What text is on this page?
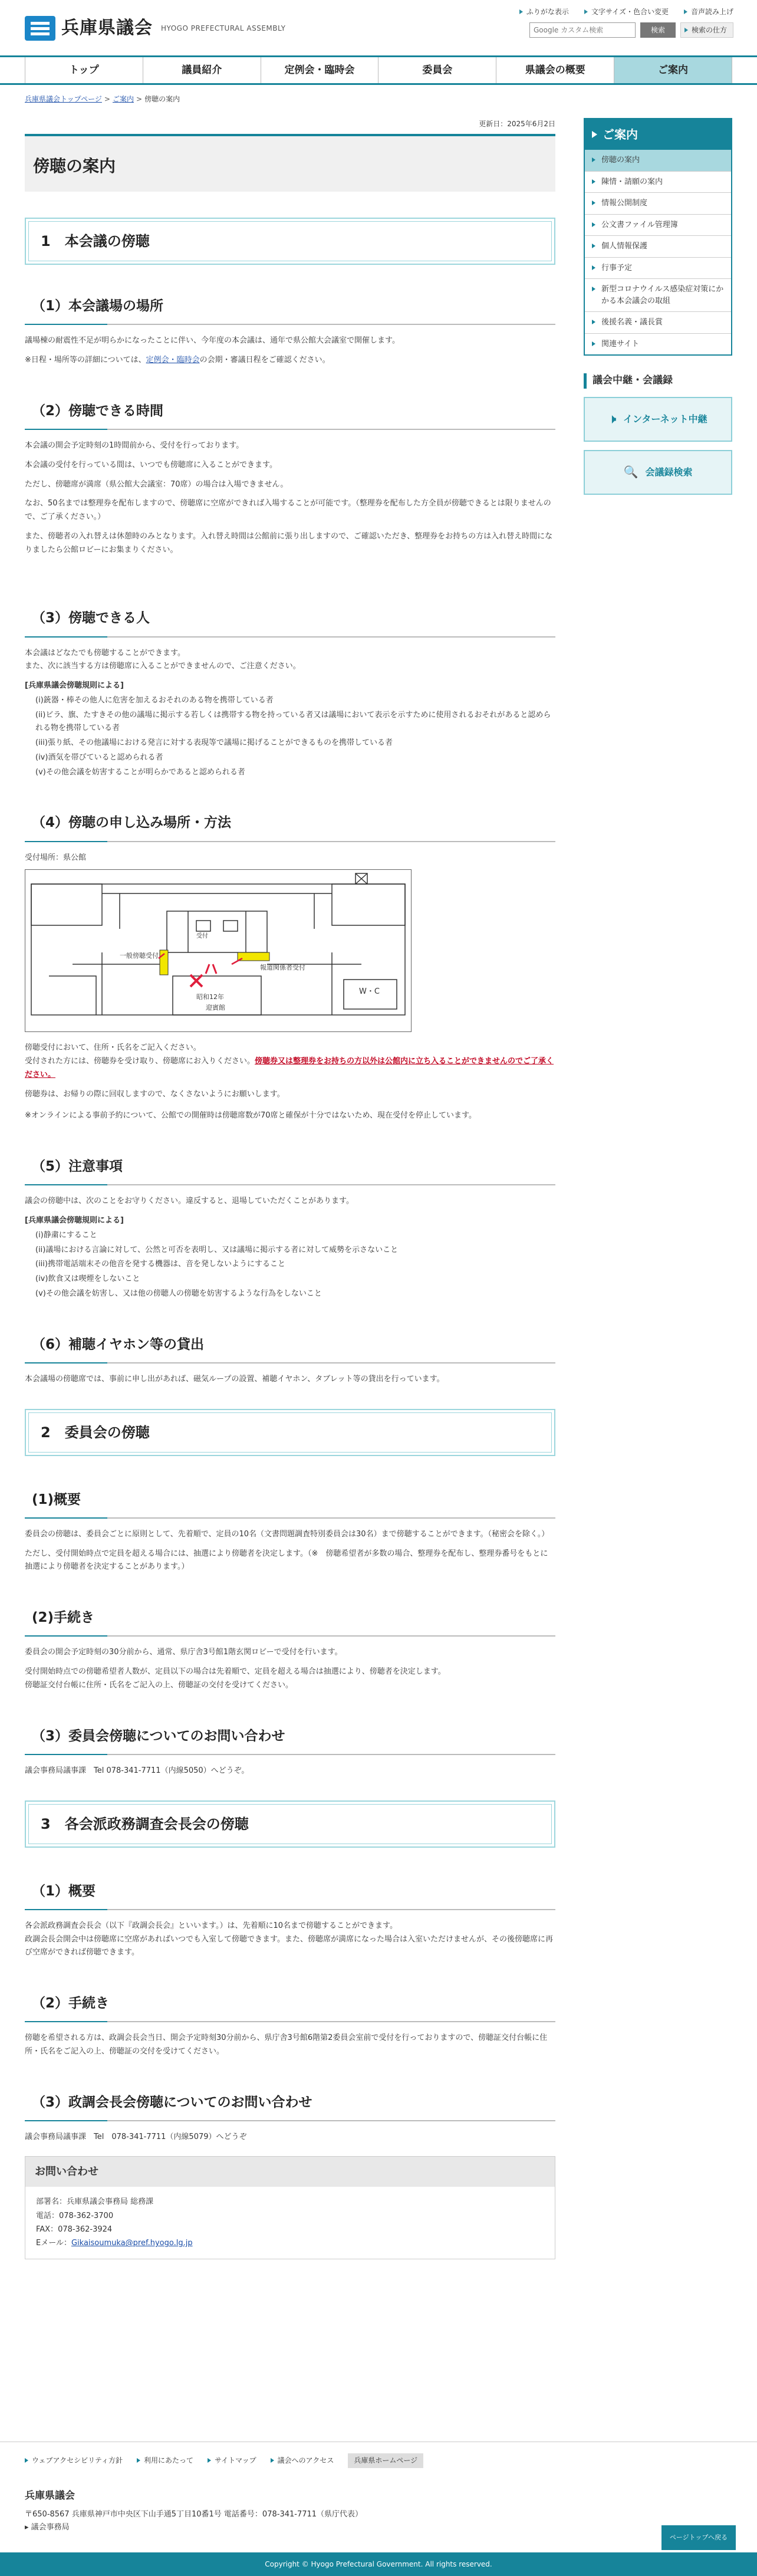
兵庫県議会 HYOGO PREFECTURAL ASSEMBLY
ふりがな表示	文字サイズ・色合い変更	音声読み上げ
Google カスタム検索
検索	検索の仕方
トップ	議員紹介	定例会・臨時会	委員会	県議会の概要	ご案内
兵庫県議会トップページ > ご案内 > 傍聴の案内
更新日：2025年6月2日
傍聴の案内
1　本会議の傍聴
（1）本会議場の場所

議場棟の耐震性不足が明らかになったことに伴い、今年度の本会議は、通年で県公館大会議室で開催します。

※日程・場所等の詳細については、定例会・臨時会の会期・審議日程をご確認ください。

（2）傍聴できる時間

本会議の開会予定時刻の1時間前から、受付を行っております。

本会議の受付を行っている間は、いつでも傍聴席に入ることができます。

ただし、傍聴席が満席（県公館大会議室：70席）の場合は入場できません。

なお、50名までは整理券を配布しますので、傍聴席に空席ができれば入場することが可能です。（整理券を配布した方全員が傍聴できるとは限りませんので、ご了承ください。）

また、傍聴者の入れ替えは休憩時のみとなります。入れ替え時間は公館前に張り出しますので、ご確認いただき、整理券をお持ちの方は入れ替え時間になりましたら公館ロビーにお集まりください。

（3）傍聴できる人

本会議はどなたでも傍聴することができます。

また、次に該当する方は傍聴席に入ることができませんので、ご注意ください。

[兵庫県議会傍聴規則による]

(i)銃器・棒その他人に危害を加えるおそれのある物を携帯している者
(ii)ビラ、旗、たすきその他の議場に掲示する若しくは携帯する物を持っている者又は議場において表示を示すために使用されるおそれがあると認められる物を携帯している者
(iii)張り紙、その他議場における発言に対する表現等で議場に掲げることができるものを携帯している者
(iv)酒気を帯びていると認められる者
(v)その他会議を妨害することが明らかであると認められる者
（4）傍聴の申し込み場所・方法

受付場所：県公館

一般傍聴受付
報道関係者受付
W・C
受付
昭和12年
迎賓館

傍聴受付において、住所・氏名をご記入ください。

受付された方には、傍聴券を受け取り、傍聴席にお入りください。傍聴券又は整理券をお持ちの方以外は公館内に立ち入ることができませんのでご了承ください。

傍聴券は、お帰りの際に回収しますので、なくさないようにお願いします。

※オンラインによる事前予約について、公館での開催時は傍聴席数が70席と確保が十分ではないため、現在受付を停止しています。

（5）注意事項

議会の傍聴中は、次のことをお守りください。違反すると、退場していただくことがあります。

[兵庫県議会傍聴規則による]

(i)静粛にすること
(ii)議場における言論に対して、公然と可否を表明し、又は議場に掲示する者に対して威勢を示さないこと
(iii)携帯電話端末その他音を発する機器は、音を発しないようにすること
(iv)飲食又は喫煙をしないこと
(v)その他会議を妨害し、又は他の傍聴人の傍聴を妨害するような行為をしないこと
（6）補聴イヤホン等の貸出

本会議場の傍聴席では、事前に申し出があれば、磁気ループの設置、補聴イヤホン、タブレット等の貸出を行っています。

2　委員会の傍聴
(1)概要

委員会の傍聴は、委員会ごとに原則として、先着順で、定員の10名（文書問題調査特別委員会は30名）まで傍聴することができます。（秘密会を除く。）

ただし、受付開始時点で定員を超える場合には、抽選により傍聴者を決定します。（※　傍聴希望者が多数の場合、整理券を配布し、整理券番号をもとに抽選により傍聴者を決定することがあります。）

(2)手続き

委員会の開会予定時刻の30分前から、通常、県庁舎3号館1階玄関ロビーで受付を行います。

受付開始時点での傍聴希望者人数が、定員以下の場合は先着順で、定員を超える場合は抽選により、傍聴者を決定します。

傍聴証交付台帳に住所・氏名をご記入の上、傍聴証の交付を受けてください。

（3）委員会傍聴についてのお問い合わせ

議会事務局議事課　Tel 078-341-7711（内線5050）へどうぞ。

3　各会派政務調査会長会の傍聴
（1）概要

各会派政務調査会長会（以下『政調会長会』といいます。）は、先着順に10名まで傍聴することができます。

政調会長会開会中は傍聴席に空席があればいつでも入室して傍聴できます。また、傍聴席が満席になった場合は入室いただけませんが、その後傍聴席に再び空席ができれば傍聴できます。

（2）手続き

傍聴を希望される方は、政調会長会当日、開会予定時刻30分前から、県庁舎3号館6階第2委員会室前で受付を行っておりますので、傍聴証交付台帳に住所・氏名をご記入の上、傍聴証の交付を受けてください。

（3）政調会長会傍聴についてのお問い合わせ

議会事務局議事課　Tel　078-341-7711（内線5079）へどうぞ

お問い合わせ
部署名：兵庫県議会事務局 総務課
電話：078-362-3700
FAX：078-362-3924
Eメール：Gikaisoumuka@pref.hyogo.lg.jp
ご案内
傍聴の案内
陳情・請願の案内
情報公開制度
公文書ファイル管理簿
個人情報保護
行事予定
新型コロナウイルス感染症対策にかかる本会議会の取組
後援名義・議長賞
関連サイト
議会中継・会議録
🕨 インターネット中継
🔍 会議録検索
ウェブアクセシビリティ方針	利用にあたって	サイトマップ	議会へのアクセス	兵庫県ホームページ
兵庫県議会
〒650-8567 兵庫県神戸市中央区下山手通5丁目10番1号 電話番号：078-341-7711（県庁代表）
▸ 議会事務局
ページトップへ戻る
Copyright © Hyogo Prefectural Government. All rights reserved.
